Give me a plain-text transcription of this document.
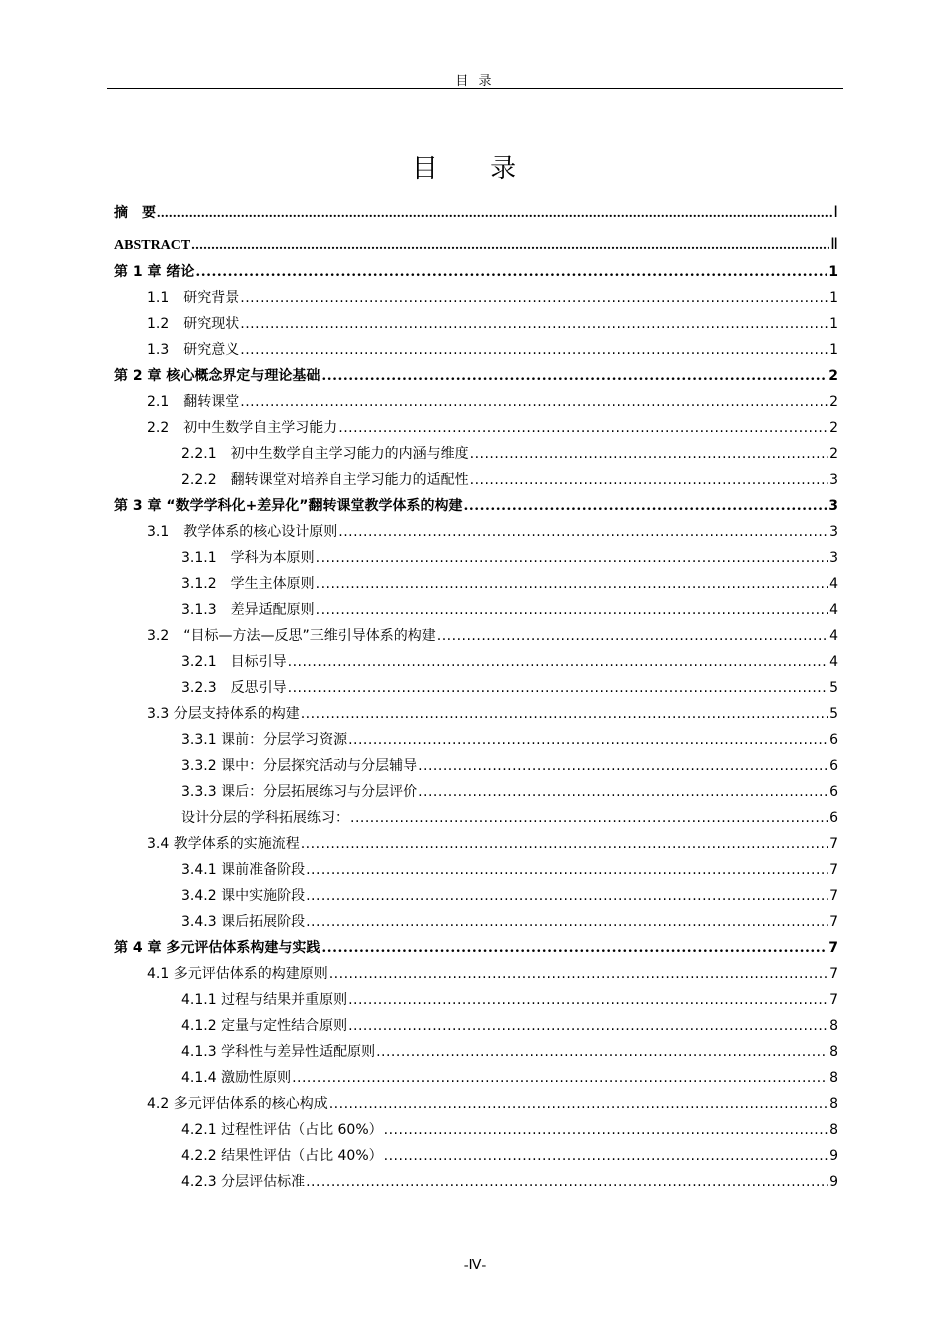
目 录
目 录
摘　要 .....	Ⅰ
ABSTRACT .....	Ⅱ
第 1 章 绪论 .....	1
1.1　研究背景 .....	1
1.2　研究现状 .....	1
1.3　研究意义 .....	1
第 2 章 核心概念界定与理论基础 .....	2
2.1　翻转课堂 .....	2
2.2　初中生数学自主学习能力 .....	2
2.2.1　初中生数学自主学习能力的内涵与维度 .....	2
2.2.2　翻转课堂对培养自主学习能力的适配性 .....	3
第 3 章 “数学学科化+差异化”翻转课堂教学体系的构建 .....	3
3.1　教学体系的核心设计原则 .....	3
3.1.1　学科为本原则 .....	3
3.1.2　学生主体原则 .....	4
3.1.3　差异适配原则 .....	4
3.2　“目标—方法—反思”三维引导体系的构建 .....	4
3.2.1　目标引导 .....	4
3.2.3　反思引导 .....	5
3.3 分层支持体系的构建 .....	5
3.3.1 课前：分层学习资源 .....	6
3.3.2 课中：分层探究活动与分层辅导 .....	6
3.3.3 课后：分层拓展练习与分层评价 .....	6
设计分层的学科拓展练习： .....	6
3.4 教学体系的实施流程 .....	7
3.4.1 课前准备阶段 .....	7
3.4.2 课中实施阶段 .....	7
3.4.3 课后拓展阶段 .....	7
第 4 章 多元评估体系构建与实践 .....	7
4.1 多元评估体系的构建原则 .....	7
4.1.1 过程与结果并重原则 .....	7
4.1.2 定量与定性结合原则 .....	8
4.1.3 学科性与差异性适配原则 .....	8
4.1.4 激励性原则 .....	8
4.2 多元评估体系的核心构成 .....	8
4.2.1 过程性评估（占比 60%） .....	8
4.2.2 结果性评估（占比 40%） .....	9
4.2.3 分层评估标准 .....	9
-Ⅳ-
